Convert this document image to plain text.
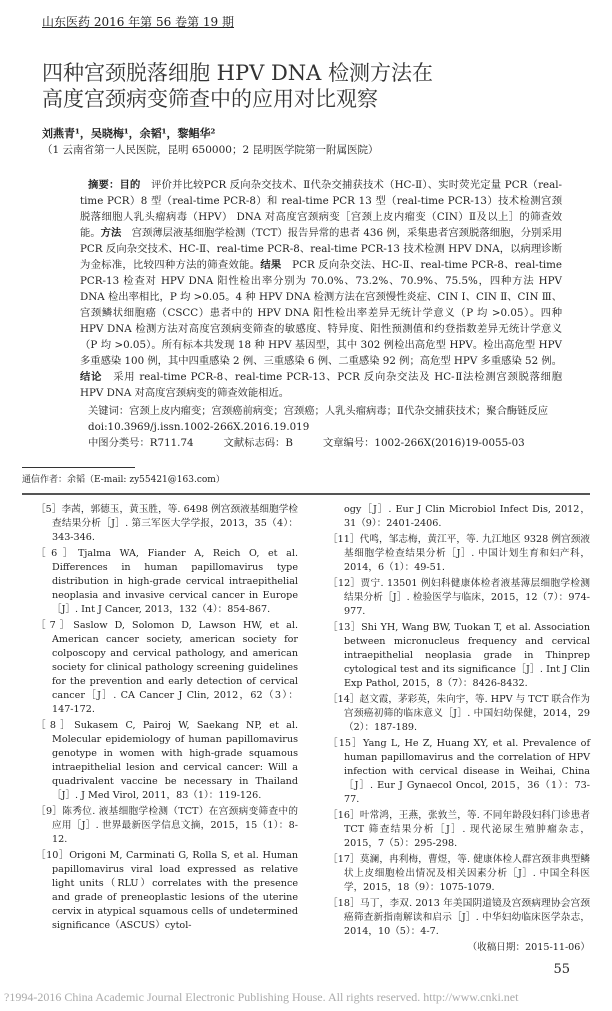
山东医药 2016 年第 56 卷第 19 期
四种宫颈脱落细胞 HPV DNA 检测方法在
高度宫颈病变筛查中的应用对比观察
刘燕青¹，吴晓梅¹，余韬¹，黎鲳华²
（1 云南省第一人民医院，昆明 650000；2 昆明医学院第一附属医院）
摘要：目的　评价并比较PCR 反向杂交技术、Ⅱ代杂交捕获技术（HC-Ⅱ）、实时荧光定量 PCR（real-time PCR）8 型（real-time PCR-8）和 real-time PCR 13 型（real-time PCR-13）技术检测宫颈脱落细胞人乳头瘤病毒（HPV） DNA 对高度宫颈病变［宫颈上皮内瘤变（CIN）Ⅱ及以上］的筛查效能。方法　宫颈薄层液基细胞学检测（TCT）报告异常的患者 436 例，采集患者宫颈脱落细胞，分别采用 PCR 反向杂交技术、HC-Ⅱ、real-time PCR-8、real-time PCR-13 技术检测 HPV DNA，以病理诊断为金标准，比较四种方法的筛查效能。结果　PCR 反向杂交法、HC-Ⅱ、real-time PCR-8、real-time PCR-13 检查对 HPV DNA 阳性检出率分别为 70.0%、73.2%、70.9%、75.5%，四种方法 HPV DNA 检出率相比，P 均 >0.05。4 种 HPV DNA 检测方法在宫颈慢性炎症、CIN Ⅰ、CIN Ⅱ、CIN Ⅲ、宫颈鳞状细胞癌（CSCC）患者中的 HPV DNA 阳性检出率差异无统计学意义（P 均 >0.05）。四种 HPV DNA 检测方法对高度宫颈病变筛查的敏感度、特异度、阳性预测值和约登指数差异无统计学意义（P 均 >0.05）。所有标本共发现 18 种 HPV 基因型，其中 302 例检出高危型 HPV。检出高危型 HPV 多重感染 100 例，其中四重感染 2 例、三重感染 6 例、二重感染 92 例；高危型 HPV 多重感染 52 例。结论　采用 real-time PCR-8、real-time PCR-13、PCR 反向杂交法及 HC-Ⅱ法检测宫颈脱落细胞 HPV DNA 对高度宫颈病变的筛查效能相近。
关键词：宫颈上皮内瘤变；宫颈癌前病变；宫颈癌；人乳头瘤病毒；Ⅱ代杂交捕获技术；聚合酶链反应
doi:10.3969/j.issn.1002-266X.2016.19.019
中图分类号：R711.74	文献标志码：B	文章编号：1002-266X(2016)19-0055-03
通信作者：余韬（E-mail: zy55421@163.com）
［5］李茜，郭德玉，黄玉胜，等. 6498 例宫颈液基细胞学检查结果分析［J］. 第三军医大学学报，2013，35（4）：343-346.
［6］Tjalma WA, Fiander A, Reich O, et al. Differences in human papillomavirus type distribution in high-grade cervical intraepithelial neoplasia and invasive cervical cancer in Europe［J］. Int J Cancer, 2013，132（4）：854-867.
［7］Saslow D, Solomon D, Lawson HW, et al. American cancer society, american society for colposcopy and cervical pathology, and american society for clinical pathology screening guidelines for the prevention and early detection of cervical cancer［J］. CA Cancer J Clin, 2012，62（3）：147-172.
［8］Sukasem C, Pairoj W, Saekang NP, et al. Molecular epidemiology of human papillomavirus genotype in women with high-grade squamous intraepithelial lesion and cervical cancer: Will a quadrivalent vaccine be necessary in Thailand［J］. J Med Virol, 2011，83（1）：119-126.
［9］陈秀位. 液基细胞学检测（TCT）在宫颈病变筛查中的应用［J］. 世界最新医学信息文摘，2015，15（1）：8-12.
［10］Origoni M, Carminati G, Rolla S, et al. Human papillomavirus viral load expressed as relative light units（RLU）correlates with the presence and grade of preneoplastic lesions of the uterine cervix in atypical squamous cells of undetermined significance（ASCUS）cytol-
ogy［J］. Eur J Clin Microbiol Infect Dis, 2012，31（9）：2401-2406.
［11］代鸣，邹志梅，黄江平，等. 九江地区 9328 例宫颈液基细胞学检查结果分析［J］. 中国计划生育和妇产科，2014，6（1）：49-51.
［12］贾宁. 13501 例妇科健康体检者液基薄层细胞学检测结果分析［J］. 检验医学与临床，2015，12（7）：974-977.
［13］Shi YH, Wang BW, Tuokan T, et al. Association between micronucleus frequency and cervical intraepithelial neoplasia grade in Thinprep cytological test and its significance［J］. Int J Clin Exp Pathol, 2015，8（7）：8426-8432.
［14］赵文霞，茅彩英，朱向宇，等. HPV 与 TCT 联合作为宫颈癌初筛的临床意义［J］. 中国妇幼保健，2014，29（2）：187-189.
［15］Yang L, He Z, Huang XY, et al. Prevalence of human papillomavirus and the correlation of HPV infection with cervical disease in Weihai, China［J］. Eur J Gynaecol Oncol, 2015，36（1）：73-77.
［16］叶常鸿，王燕，张敦兰，等. 不同年龄段妇科门诊患者 TCT 筛查结果分析［J］. 现代泌尿生殖肿瘤杂志，2015，7（5）：295-298.
［17］莫澜，冉利梅，曹煜，等. 健康体检人群宫颈非典型鳞状上皮细胞检出情况及相关因素分析［J］. 中国全科医学，2015，18（9）：1075-1079.
［18］马丁，李双. 2013 年美国阴道镜及宫颈病理协会宫颈癌筛查新指南解读和启示［J］. 中华妇幼临床医学杂志，2014，10（5）：4-7.
（收稿日期：2015-11-06）
55
?1994-2016 China Academic Journal Electronic Publishing House. All rights reserved. http://www.cnki.net
